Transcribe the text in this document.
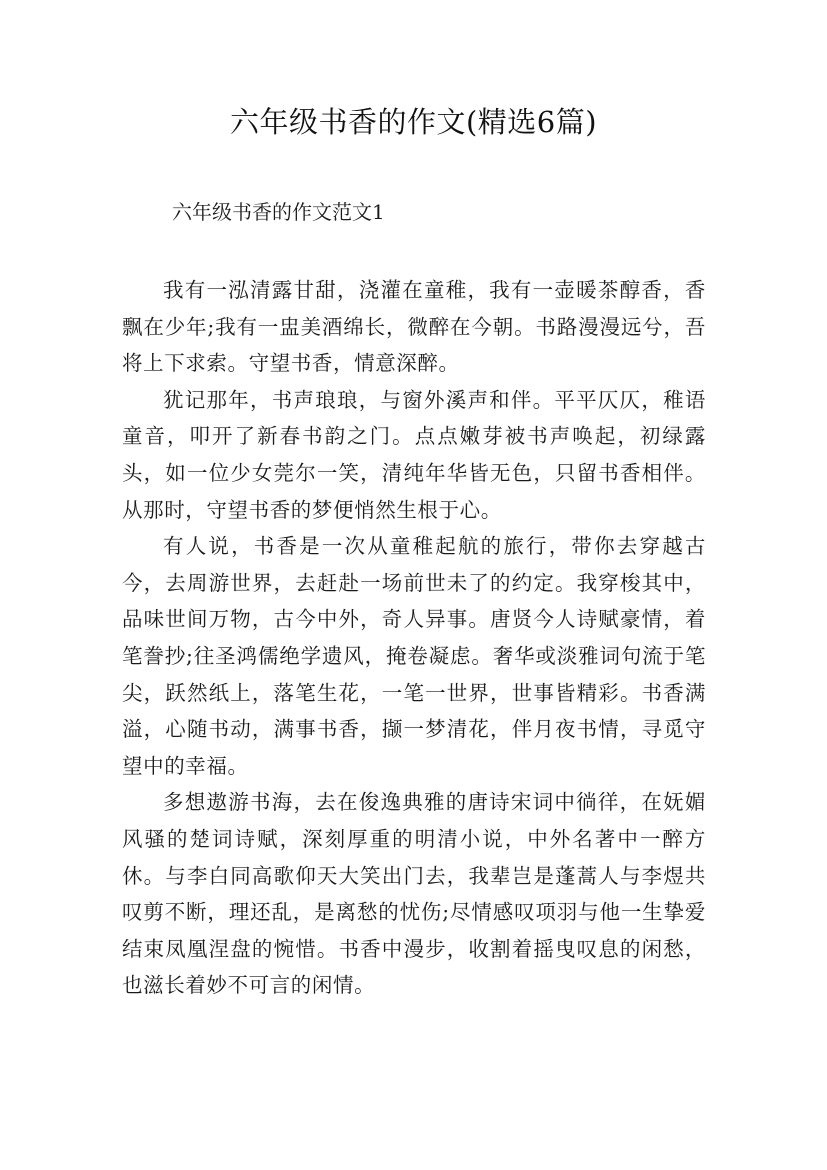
六年级书香的作文(精选6篇)
六年级书香的作文范文1

我有一泓清露甘甜，浇灌在童稚，我有一壶暖茶醇香，香飘在少年;我有一盅美酒绵长，微醉在今朝。书路漫漫远兮，吾将上下求索。守望书香，情意深醉。

犹记那年，书声琅琅，与窗外溪声和伴。平平仄仄，稚语童音，叩开了新春书韵之门。点点嫩芽被书声唤起，初绿露头，如一位少女莞尔一笑，清纯年华皆无色，只留书香相伴。从那时，守望书香的梦便悄然生根于心。

有人说，书香是一次从童稚起航的旅行，带你去穿越古今，去周游世界，去赶赴一场前世未了的约定。我穿梭其中，品味世间万物，古今中外，奇人异事。唐贤今人诗赋豪情，着笔誊抄;往圣鸿儒绝学遗风，掩卷凝虑。奢华或淡雅词句流于笔尖，跃然纸上，落笔生花，一笔一世界，世事皆精彩。书香满溢，心随书动，满事书香，撷一梦清花，伴月夜书情，寻觅守望中的幸福。

多想遨游书海，去在俊逸典雅的唐诗宋词中徜徉，在妩媚风骚的楚词诗赋，深刻厚重的明清小说，中外名著中一醉方休。与李白同高歌仰天大笑出门去，我辈岂是蓬蒿人与李煜共叹剪不断，理还乱，是离愁的忧伤;尽情感叹项羽与他一生挚爱结束凤凰涅盘的惋惜。书香中漫步，收割着摇曳叹息的闲愁，也滋长着妙不可言的闲情。
